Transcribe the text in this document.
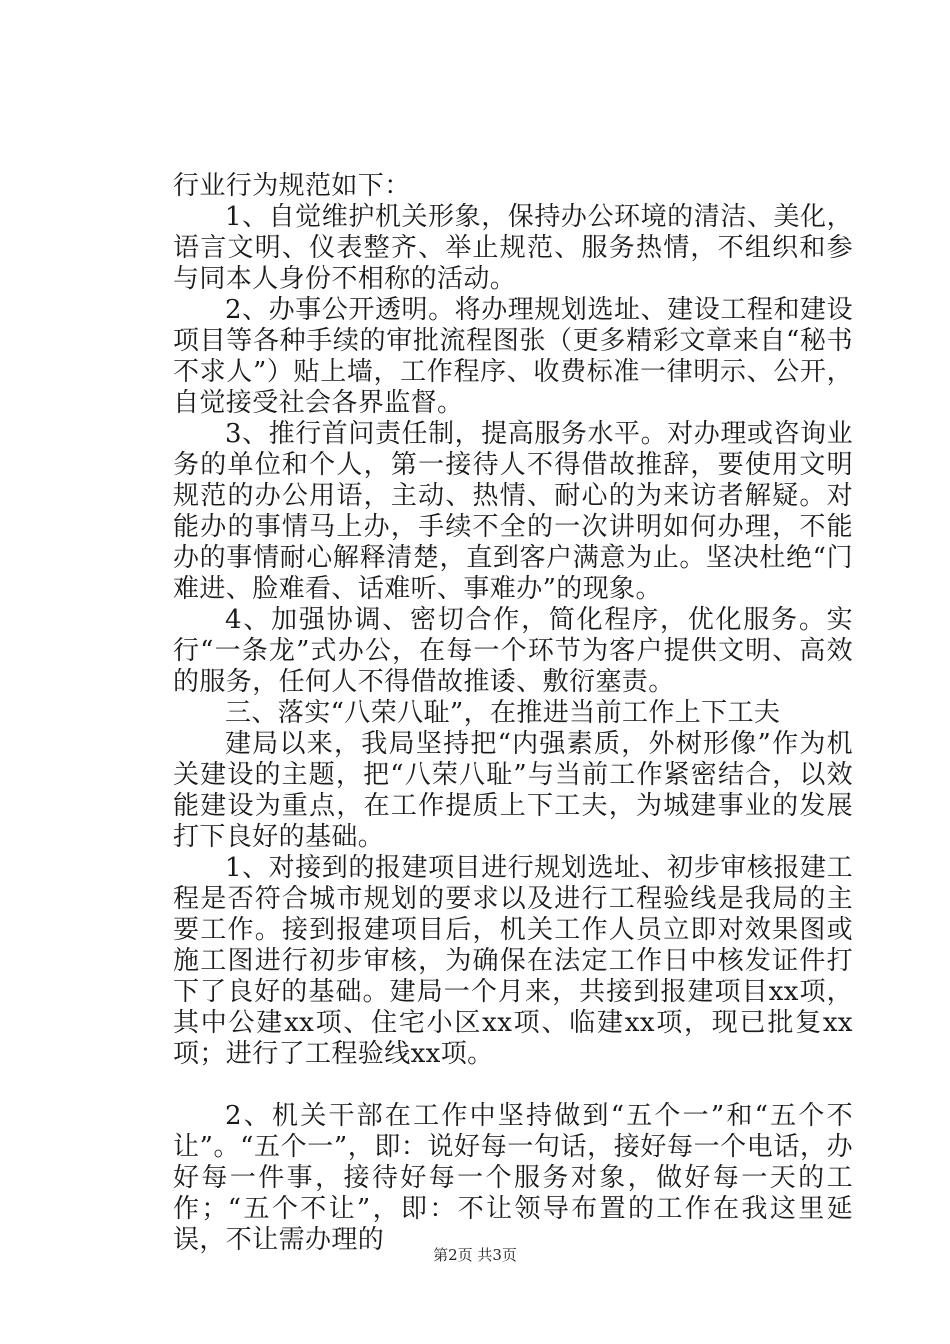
行业行为规范如下：

1、自觉维护机关形象，保持办公环境的清洁、美化，语言文明、仪表整齐、举止规范、服务热情，不组织和参与同本人身份不相称的活动。

2、办事公开透明。将办理规划选址、建设工程和建设项目等各种手续的审批流程图张（更多精彩文章来自“秘书不求人”）贴上墙，工作程序、收费标准一律明示、公开，自觉接受社会各界监督。

3、推行首问责任制，提高服务水平。对办理或咨询业务的单位和个人，第一接待人不得借故推辞，要使用文明规范的办公用语，主动、热情、耐心的为来访者解疑。对能办的事情马上办，手续不全的一次讲明如何办理，不能办的事情耐心解释清楚，直到客户满意为止。坚决杜绝“门难进、脸难看、话难听、事难办”的现象。

4、加强协调、密切合作，简化程序，优化服务。实行“一条龙”式办公，在每一个环节为客户提供文明、高效的服务，任何人不得借故推诿、敷衍塞责。

三、落实“八荣八耻”，在推进当前工作上下工夫

建局以来，我局坚持把“内强素质，外树形像”作为机关建设的主题，把“八荣八耻”与当前工作紧密结合，以效能建设为重点，在工作提质上下工夫，为城建事业的发展打下良好的基础。

1、对接到的报建项目进行规划选址、初步审核报建工程是否符合城市规划的要求以及进行工程验线是我局的主要工作。接到报建项目后，机关工作人员立即对效果图或施工图进行初步审核，为确保在法定工作日中核发证件打下了良好的基础。建局一个月来，共接到报建项目xx项，其中公建xx项、住宅小区xx项、临建xx项，现已批复xx项；进行了工程验线xx项。

2、机关干部在工作中坚持做到“五个一”和“五个不让”。“五个一”，即：说好每一句话，接好每一个电话，办好每一件事，接待好每一个服务对象，做好每一天的工作；“五个不让”，即：不让领导布置的工作在我这里延误，不让需办理的	第2页 共3页
